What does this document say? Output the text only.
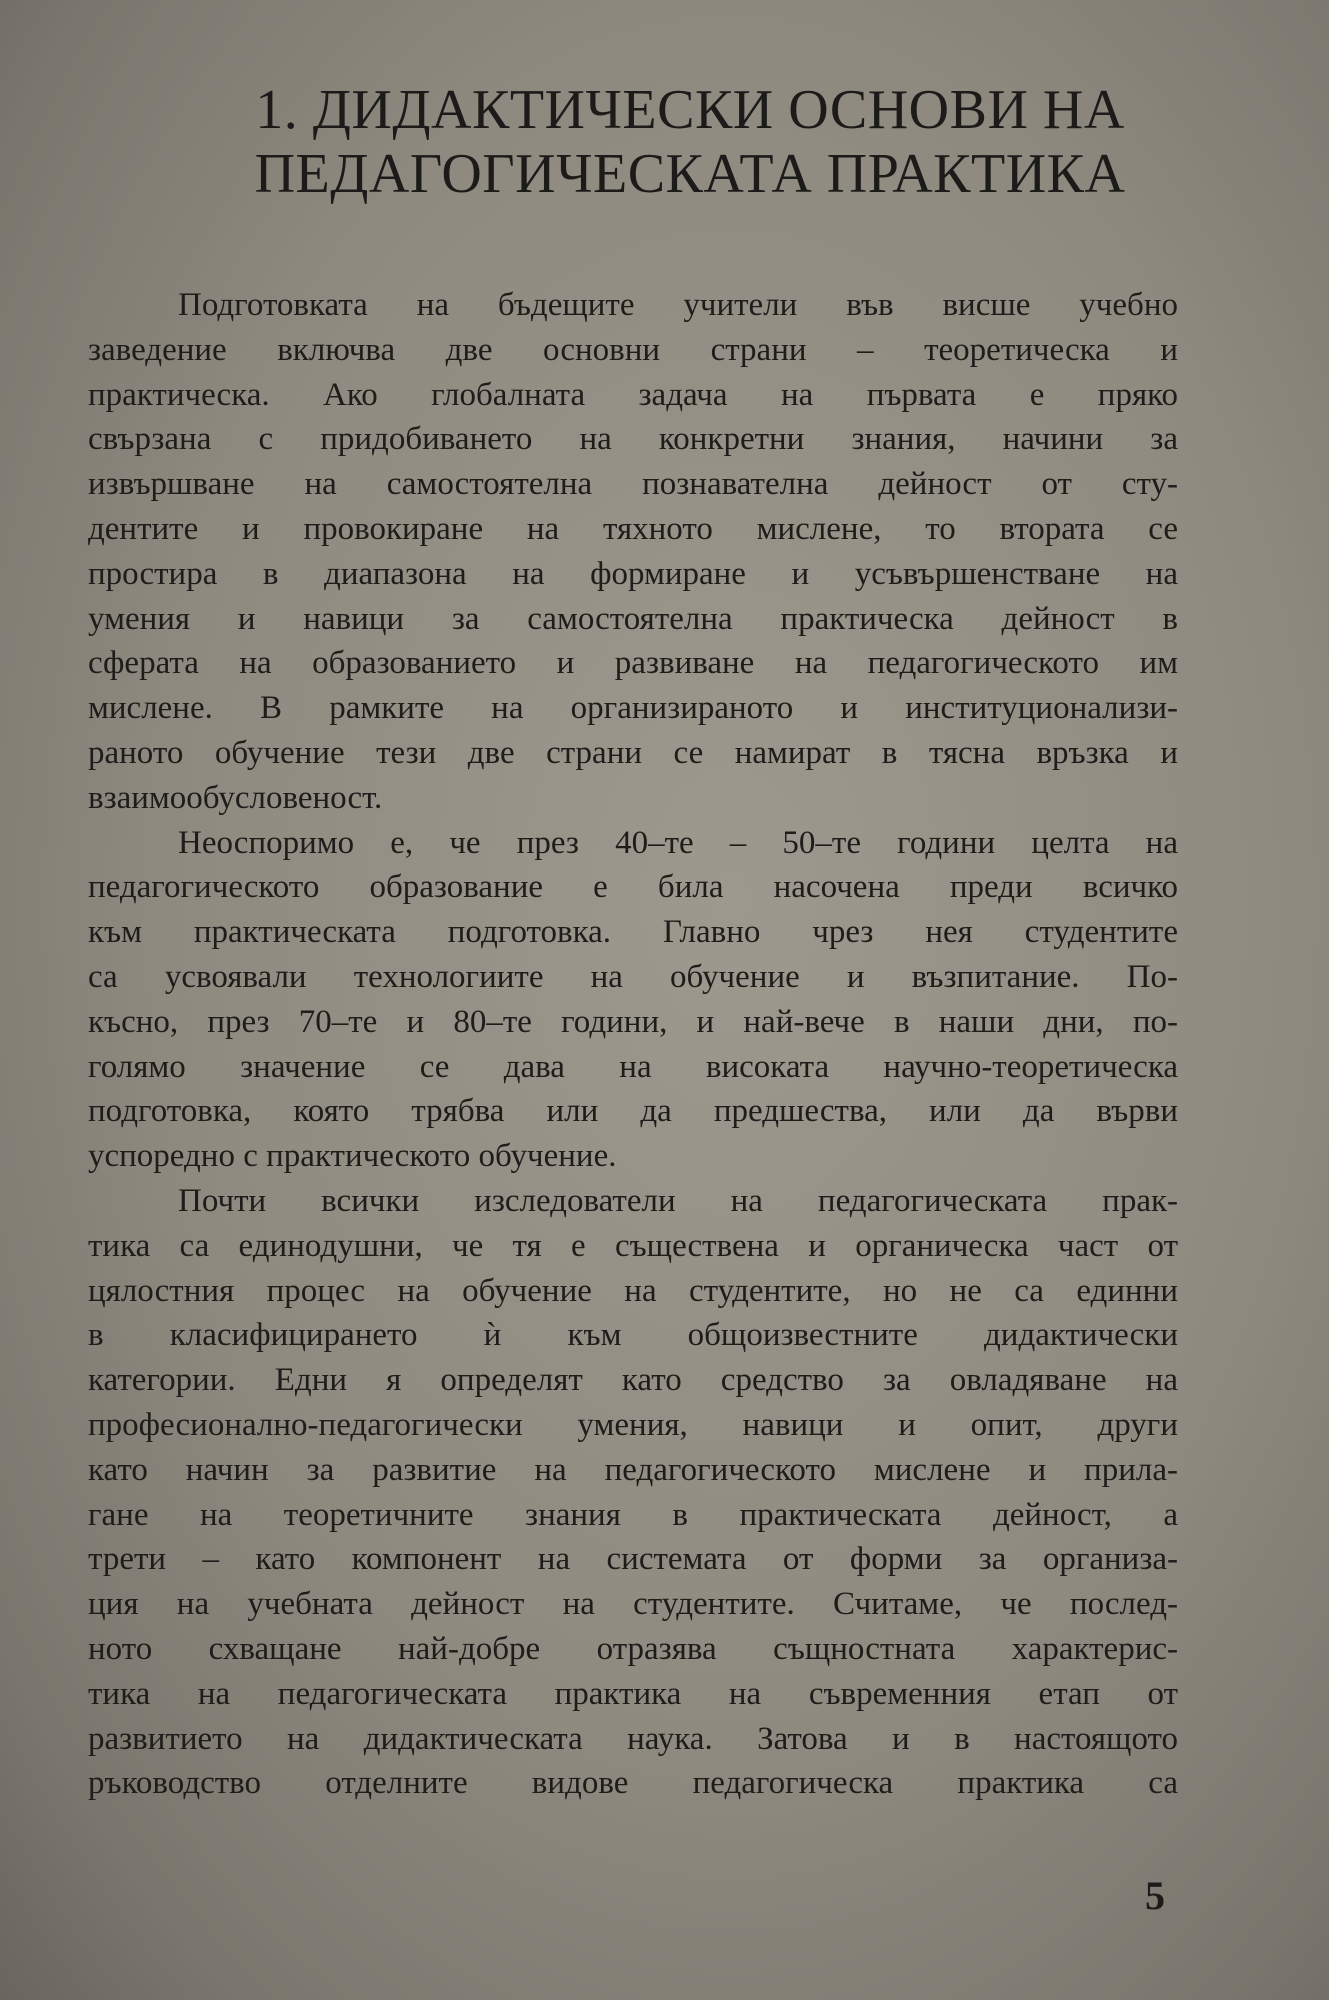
1. ДИДАКТИЧЕСКИ ОСНОВИ НА
ПЕДАГОГИЧЕСКАТА ПРАКТИКА
Подготовката на бъдещите учители във висше учебно
заведение включва две основни страни – теоретическа и
практическа. Ако глобалната задача на първата е пряко
свързана с придобиването на конкретни знания, начини за
извършване на самостоятелна познавателна дейност от сту-
дентите и провокиране на тяхното мислене, то втората се
простира в диапазона на формиране и усъвършенстване на
умения и навици за самостоятелна практическа дейност в
сферата на образованието и развиване на педагогическото им
мислене. В рамките на организираното и институционализи-
раното обучение тези две страни се намират в тясна връзка и
взаимообусловеност.
Неоспоримо е, че през 40–те – 50–те години целта на
педагогическото образование е била насочена преди всичко
към практическата подготовка. Главно чрез нея студентите
са усвоявали технологиите на обучение и възпитание. По-
късно, през 70–те и 80–те години, и най-вече в наши дни, по-
голямо значение се дава на високата научно-теоретическа
подготовка, която трябва или да предшества, или да върви
успоредно с практическото обучение.
Почти всички изследователи на педагогическата прак-
тика са единодушни, че тя е съществена и органическа част от
цялостния процес на обучение на студентите, но не са единни
в класифицирането ѝ към общоизвестните дидактически
категории. Едни я определят като средство за овладяване на
професионално-педагогически умения, навици и опит, други
като начин за развитие на педагогическото мислене и прила-
гане на теоретичните знания в практическата дейност, а
трети – като компонент на системата от форми за организа-
ция на учебната дейност на студентите. Считаме, че послед-
ното схващане най-добре отразява същностната характерис-
тика на педагогическата практика на съвременния етап от
развитието на дидактическата наука. Затова и в настоящото
ръководство отделните видове педагогическа практика са
5
